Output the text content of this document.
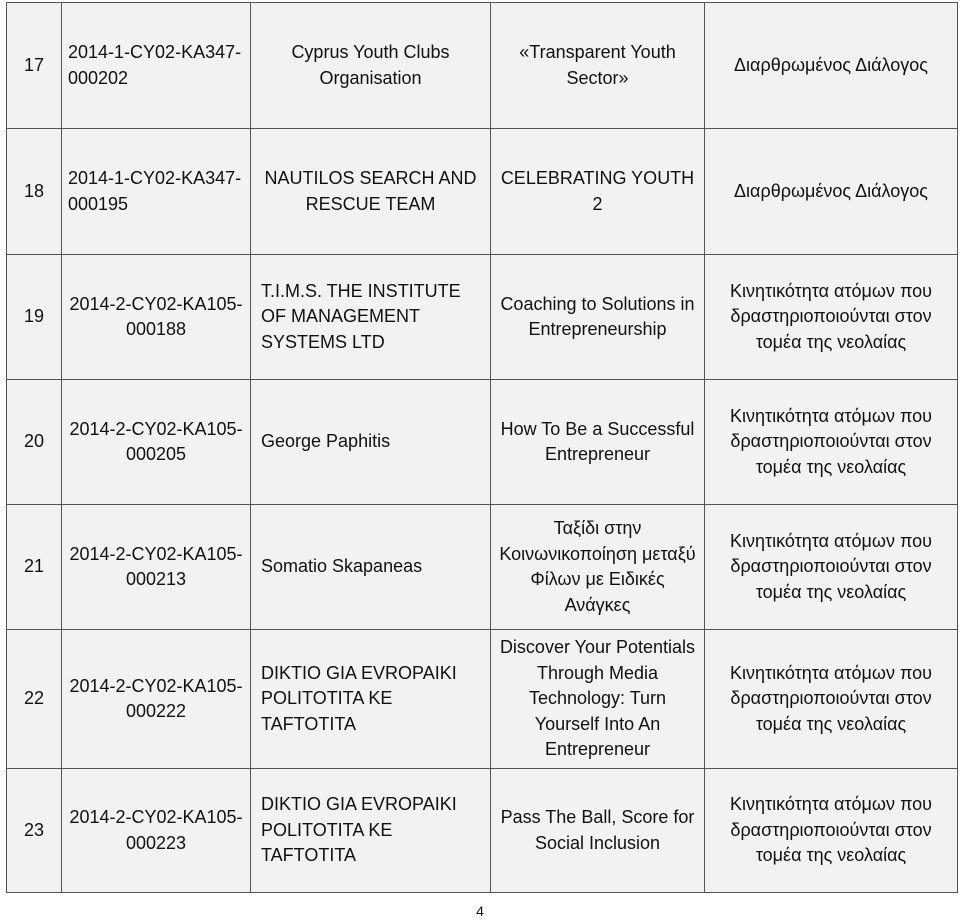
17	2014-1-CY02-KA347-000202	Cyprus Youth Clubs Organisation	«Transparent Youth Sector»	Διαρθρωμένος Διάλογος
18	2014-1-CY02-KA347-000195	NAUTILOS SEARCH AND RESCUE TEAM	CELEBRATING YOUTH 2	Διαρθρωμένος Διάλογος
19	2014-2-CY02-KA105-000188	T.I.M.S. THE INSTITUTE OF MANAGEMENT SYSTEMS LTD	Coaching to Solutions in Entrepreneurship	Κινητικότητα ατόμων που δραστηριοποιούνται στον τομέα της νεολαίας
20	2014-2-CY02-KA105-000205	George Paphitis	How To Be a Successful Entrepreneur	Κινητικότητα ατόμων που δραστηριοποιούνται στον τομέα της νεολαίας
21	2014-2-CY02-KA105-000213	Somatio Skapaneas	Ταξίδι στην Κοινωνικοποίηση μεταξύ Φίλων με Ειδικές Ανάγκες	Κινητικότητα ατόμων που δραστηριοποιούνται στον τομέα της νεολαίας
22	2014-2-CY02-KA105-000222	DIKTIO GIA EVROPAIKI POLITOTITA KE TAFTOTITA	Discover Your Potentials Through Media Technology: Turn Yourself Into An Entrepreneur	Κινητικότητα ατόμων που δραστηριοποιούνται στον τομέα της νεολαίας
23	2014-2-CY02-KA105-000223	DIKTIO GIA EVROPAIKI POLITOTITA KE TAFTOTITA	Pass The Ball, Score for Social Inclusion	Κινητικότητα ατόμων που δραστηριοποιούνται στον τομέα της νεολαίας
4
